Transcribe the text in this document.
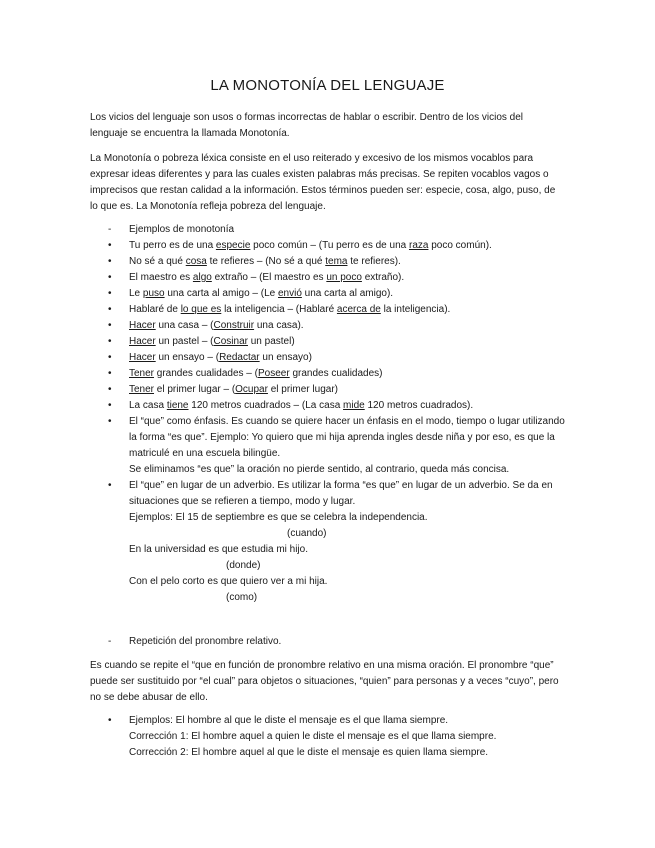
LA MONOTONÍA DEL LENGUAJE

Los vicios del lenguaje son usos o formas incorrectas de hablar o escribir. Dentro de los vicios del lenguaje se encuentra la llamada Monotonía.

La Monotonía o pobreza léxica consiste en el uso reiterado y excesivo de los mismos vocablos para expresar ideas diferentes y para las cuales existen palabras más precisas. Se repiten vocablos vagos o imprecisos que restan calidad a la información. Estos términos pueden ser: especie, cosa, algo, puso, de lo que es. La Monotonía refleja pobreza del lenguaje.

- Ejemplos de monotonía
• Tu perro es de una especie poco común – (Tu perro es de una raza poco común).
• No sé a qué cosa te refieres – (No sé a qué tema te refieres).
• El maestro es algo extraño – (El maestro es un poco extraño).
• Le puso una carta al amigo – (Le envió una carta al amigo).
• Hablaré de lo que es la inteligencia – (Hablaré acerca de la inteligencia).
• Hacer una casa – (Construir una casa).
• Hacer un pastel – (Cosinar un pastel)
• Hacer un ensayo – (Redactar un ensayo)
• Tener grandes cualidades – (Poseer grandes cualidades)
• Tener el primer lugar – (Ocupar el primer lugar)
• La casa tiene 120 metros cuadrados – (La casa mide 120 metros cuadrados).
• El “que” como énfasis. Es cuando se quiere hacer un énfasis en el modo, tiempo o lugar utilizando la forma “es que”. Ejemplo: Yo quiero que mi hija aprenda ingles desde niña y por eso, es que la matriculé en una escuela bilingüe.
Se eliminamos “es que” la oración no pierde sentido, al contrario, queda más concisa.
• El “que” en lugar de un adverbio. Es utilizar la forma “es que” en lugar de un adverbio. Se da en situaciones que se refieren a tiempo, modo y lugar.
Ejemplos: El 15 de septiembre es que se celebra la independencia.
(cuando)
En la universidad es que estudia mi hijo.
(donde)
Con el pelo corto es que quiero ver a mi hija.
(como)
- Repetición del pronombre relativo.

Es cuando se repite el “que en función de pronombre relativo en una misma oración. El pronombre “que” puede ser sustituido por “el cual” para objetos o situaciones, “quien” para personas y a veces “cuyo”, pero no se debe abusar de ello.

• Ejemplos: El hombre al que le diste el mensaje es el que llama siempre.
Corrección 1: El hombre aquel a quien le diste el mensaje es el que llama siempre.
Corrección 2: El hombre aquel al que le diste el mensaje es quien llama siempre.
